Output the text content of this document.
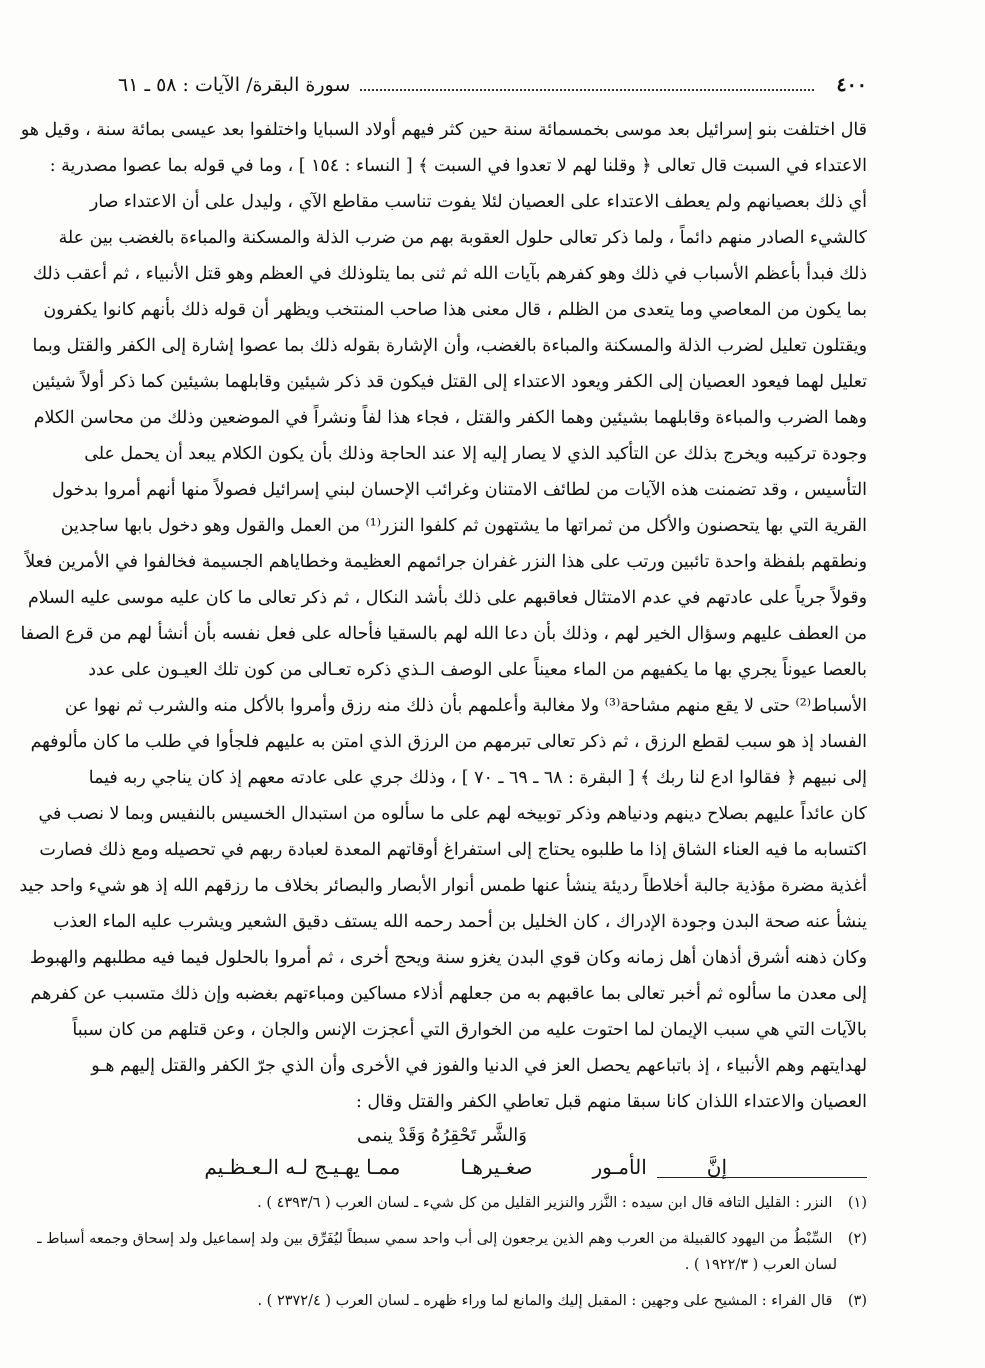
٤٠٠
سورة البقرة/ الآيات : ٥٨ ـ ٦١
قال اختلفت بنو إسرائيل بعد موسى بخمسمائة سنة حين كثر فيهم أولاد السبايا واختلفوا بعد عيسى بمائة سنة ، وقيل هو
الاعتداء في السبت قال تعالى ﴿ وقلنا لهم لا تعدوا في السبت ﴾ [ النساء : ١٥٤ ] ، وما في قوله بما عصوا مصدرية :
أي ذلك بعصيانهم ولم يعطف الاعتداء على العصيان لئلا يفوت تناسب مقاطع الآي ، وليدل على أن الاعتداء صار
كالشيء الصادر منهم دائماً ، ولما ذكر تعالى حلول العقوبة بهم من ضرب الذلة والمسكنة والمباءة بالغضب بين علة
ذلك فبدأ بأعظم الأسباب في ذلك وهو كفرهم بآيات الله ثم ثنى بما يتلوذلك في العظم وهو قتل الأنبياء ، ثم أعقب ذلك
بما يكون من المعاصي وما يتعدى من الظلم ، قال معنى هذا صاحب المنتخب ويظهر أن قوله ذلك بأنهم كانوا يكفرون
ويقتلون تعليل لضرب الذلة والمسكنة والمباءة بالغضب، وأن الإشارة بقوله ذلك بما عصوا إشارة إلى الكفر والقتل وبما
تعليل لهما فيعود العصيان إلى الكفر ويعود الاعتداء إلى القتل فيكون قد ذكر شيئين وقابلهما بشيئين كما ذكر أولاً شيئين
وهما الضرب والمباءة وقابلهما بشيئين وهما الكفر والقتل ، فجاء هذا لفاً ونشراً في الموضعين وذلك من محاسن الكلام
وجودة تركيبه ويخرج بذلك عن التأكيد الذي لا يصار إليه إلا عند الحاجة وذلك بأن يكون الكلام يبعد أن يحمل على
التأسيس ، وقد تضمنت هذه الآيات من لطائف الامتنان وغرائب الإحسان لبني إسرائيل فصولاً منها أنهم أمروا بدخول
القرية التي بها يتحصنون والأكل من ثمراتها ما يشتهون ثم كلفوا النزر⁽¹⁾ من العمل والقول وهو دخول بابها ساجدين
ونطقهم بلفظة واحدة تائبين ورتب على هذا النزر غفران جرائمهم العظيمة وخطاياهم الجسيمة فخالفوا في الأمرين فعلاً
وقولاً جرياً على عادتهم في عدم الامتثال فعاقبهم على ذلك بأشد النكال ، ثم ذكر تعالى ما كان عليه موسى عليه السلام
من العطف عليهم وسؤال الخير لهم ، وذلك بأن دعا الله لهم بالسقيا فأحاله على فعل نفسه بأن أنشأ لهم من قرع الصفا
بالعصا عيوناً يجري بها ما يكفيهم من الماء معيناً على الوصف الـذي ذكره تعـالى من كون تلك العيـون على عدد
الأسباط⁽²⁾ حتى لا يقع منهم مشاحة⁽³⁾ ولا مغالبة وأعلمهم بأن ذلك منه رزق وأمروا بالأكل منه والشرب ثم نهوا عن
الفساد إذ هو سبب لقطع الرزق ، ثم ذكر تعالى تبرمهم من الرزق الذي امتن به عليهم فلجأوا في طلب ما كان مألوفهم
إلى نبيهم ﴿ فقالوا ادع لنا ربك ﴾ [ البقرة : ٦٨ ـ ٦٩ ـ ٧٠ ] ، وذلك جري على عادته معهم إذ كان يناجي ربه فيما
كان عائداً عليهم بصلاح دينهم ودنياهم وذكر توبيخه لهم على ما سألوه من استبدال الخسيس بالنفيس وبما لا نصب في
اكتسابه ما فيه العناء الشاق إذا ما طلبوه يحتاج إلى استفراغ أوقاتهم المعدة لعبادة ربهم في تحصيله ومع ذلك فصارت
أغذية مضرة مؤذية جالبة أخلاطاً رديئة ينشأ عنها طمس أنوار الأبصار والبصائر بخلاف ما رزقهم الله إذ هو شيء واحد جيد
ينشأ عنه صحة البدن وجودة الإدراك ، كان الخليل بن أحمد رحمه الله يستف دقيق الشعير ويشرب عليه الماء العذب
وكان ذهنه أشرق أذهان أهل زمانه وكان قوي البدن يغزو سنة ويحج أخرى ، ثم أمروا بالحلول فيما فيه مطلبهم والهبوط
إلى معدن ما سألوه ثم أخبر تعالى بما عاقبهم به من جعلهم أذلاء مساكين ومباءتهم بغضبه وإن ذلك متسبب عن كفرهم
بالآيات التي هي سبب الإيمان لما احتوت عليه من الخوارق التي أعجزت الإنس والجان ، وعن قتلهم من كان سبباً
لهدايتهم وهم الأنبياء ، إذ باتباعهم يحصل العز في الدنيا والفوز في الأخرى وأن الذي جرّ الكفر والقتل إليهم هـو
العصيان والاعتداء اللذان كانا سبقا منهم قبل تعاطي الكفر والقتل وقال :
وَالشَّر تَحْقِرُهُ وَقَدْ ينمى
إنَّ
الأمـور
صغـيرهـا
ممـا يهـيـج لـه الـعـظـيم
(١) النزر : القليل التافه قال ابن سيده : النَّزر والنزير القليل من كل شيء ـ لسان العرب ( ٤٣٩٣/٦ ) .
(٢) السِّبْطُ من اليهود كالقبيلة من العرب وهم الذين يرجعون إلى أب واحد سمي سبطاً ليُفَرِّق بين ولد إسماعيل ولد إسحاق وجمعه أسباط ـ
لسان العرب ( ١٩٢٢/٣ ) .
(٣) قال الفراء : المشيح على وجهين : المقبل إليك والمانع لما وراء ظهره ـ لسان العرب ( ٢٣٧٢/٤ ) .
